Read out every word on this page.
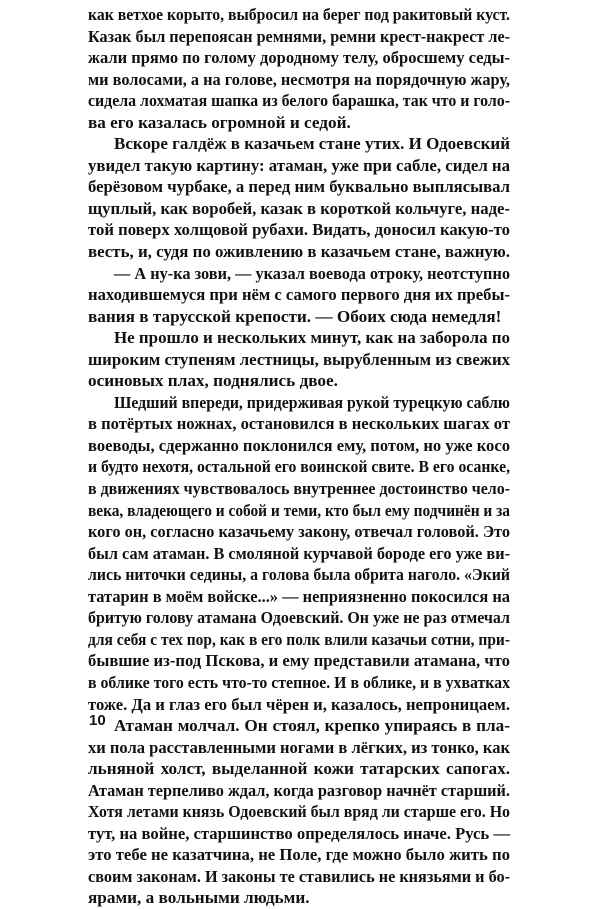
как ветхое корыто, выбросил на берег под ракитовый куст.
Казак был перепоясан ремнями, ремни крест-накрест ле-
жали прямо по голому дородному телу, обросшему седы-
ми волосами, а на голове, несмотря на порядочную жару,
сидела лохматая шапка из белого барашка, так что и голо-
ва его казалась огромной и седой.
Вскоре галдёж в казачьем стане утих. И Одоевский
увидел такую картину: атаман, уже при сабле, сидел на
берёзовом чурбаке, а перед ним буквально выплясывал
щуплый, как воробей, казак в короткой кольчуге, наде-
той поверх холщовой рубахи. Видать, доносил какую-то
весть, и, судя по оживлению в казачьем стане, важную.
— А ну-ка зови, — указал воевода отроку, неотступно
находившемуся при нём с самого первого дня их пребы-
вания в тарусской крепости. — Обоих сюда немедля!
Не прошло и нескольких минут, как на заборола по
широким ступеням лестницы, вырубленным из свежих
осиновых плах, поднялись двое.
Шедший впереди, придерживая рукой турецкую саблю
в потёртых ножнах, остановился в нескольких шагах от
воеводы, сдержанно поклонился ему, потом, но уже косо
и будто нехотя, остальной его воинской свите. В его осанке,
в движениях чувствовалось внутреннее достоинство чело-
века, владеющего и собой и теми, кто был ему подчинён и за
кого он, согласно казачьему закону, отвечал головой. Это
был сам атаман. В смоляной курчавой бороде его уже ви-
лись ниточки седины, а голова была обрита наголо. «Экий
татарин в моём войске...» — неприязненно покосился на
бритую голову атамана Одоевский. Он уже не раз отмечал
для себя с тех пор, как в его полк влили казачьи сотни, при-
бывшие из-под Пскова, и ему представили атамана, что
в облике того есть что-то степное. И в облике, и в ухватках
тоже. Да и глаз его был чёрен и, казалось, непроницаем.
Атаман молчал. Он стоял, крепко упираясь в пла-
хи пола расставленными ногами в лёгких, из тонко, как
льняной холст, выделанной кожи татарских сапогах.
Атаман терпеливо ждал, когда разговор начнёт старший.
Хотя летами князь Одоевский был вряд ли старше его. Но
тут, на войне, старшинство определялось иначе. Русь —
это тебе не казатчина, не Поле, где можно было жить по
своим законам. И законы те ставились не князьями и бо-
ярами, а вольными людьми.
10
